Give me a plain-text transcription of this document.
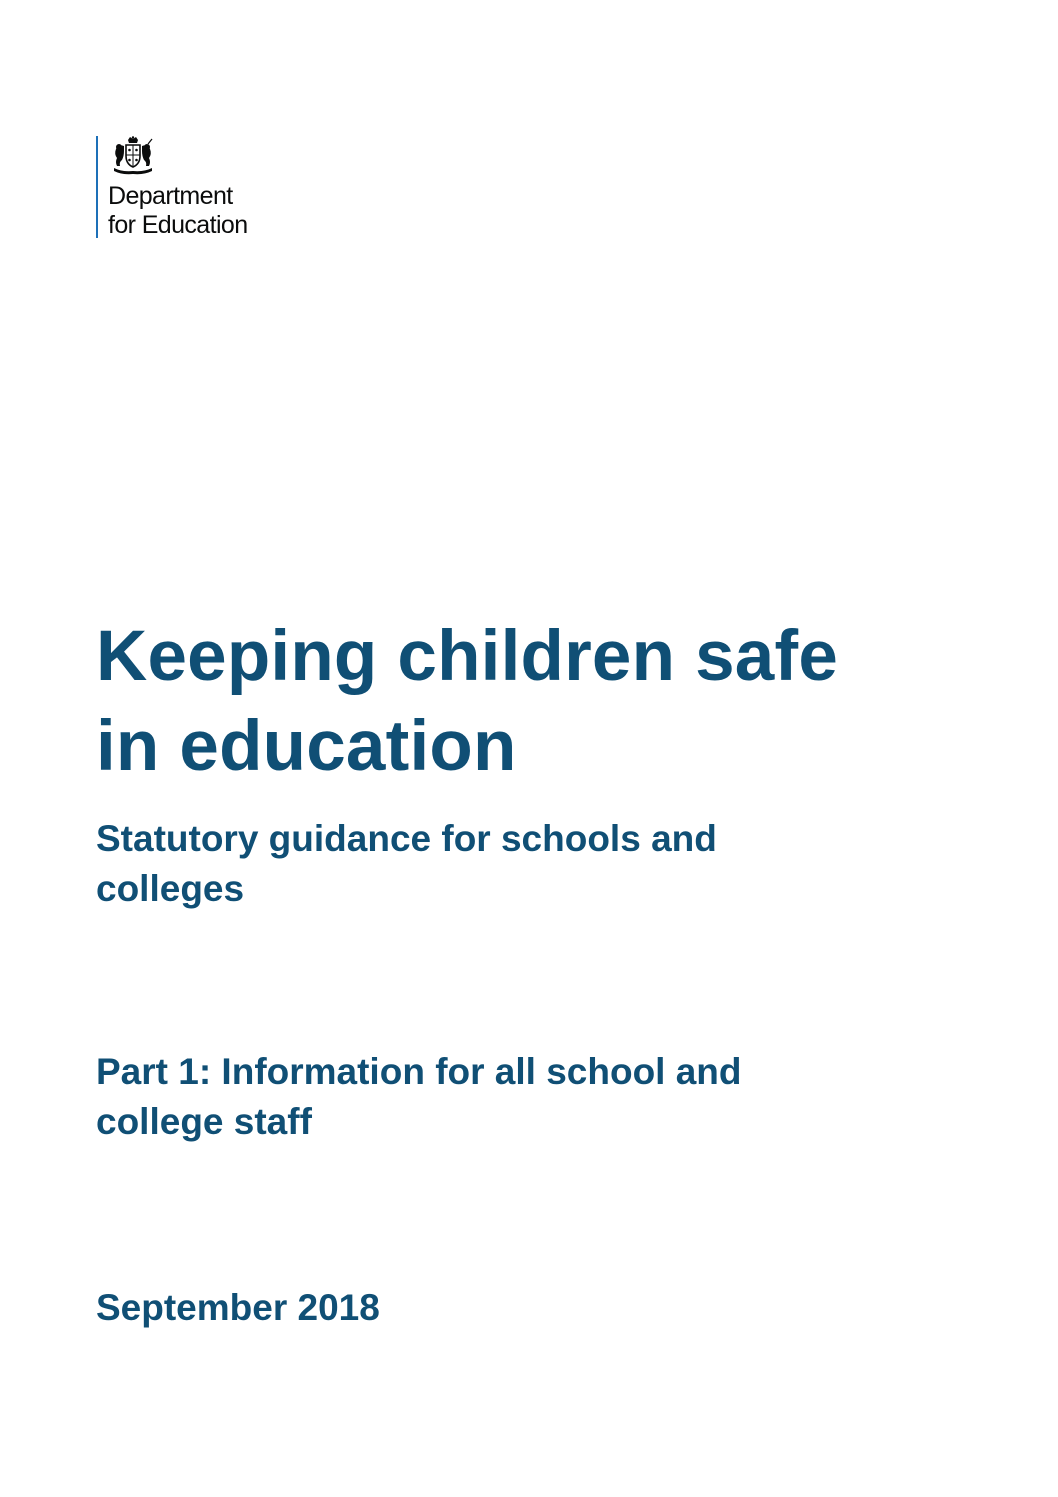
Department
for Education
Keeping children safe
in education
Statutory guidance for schools and
colleges
Part 1: Information for all school and
college staff
September 2018
